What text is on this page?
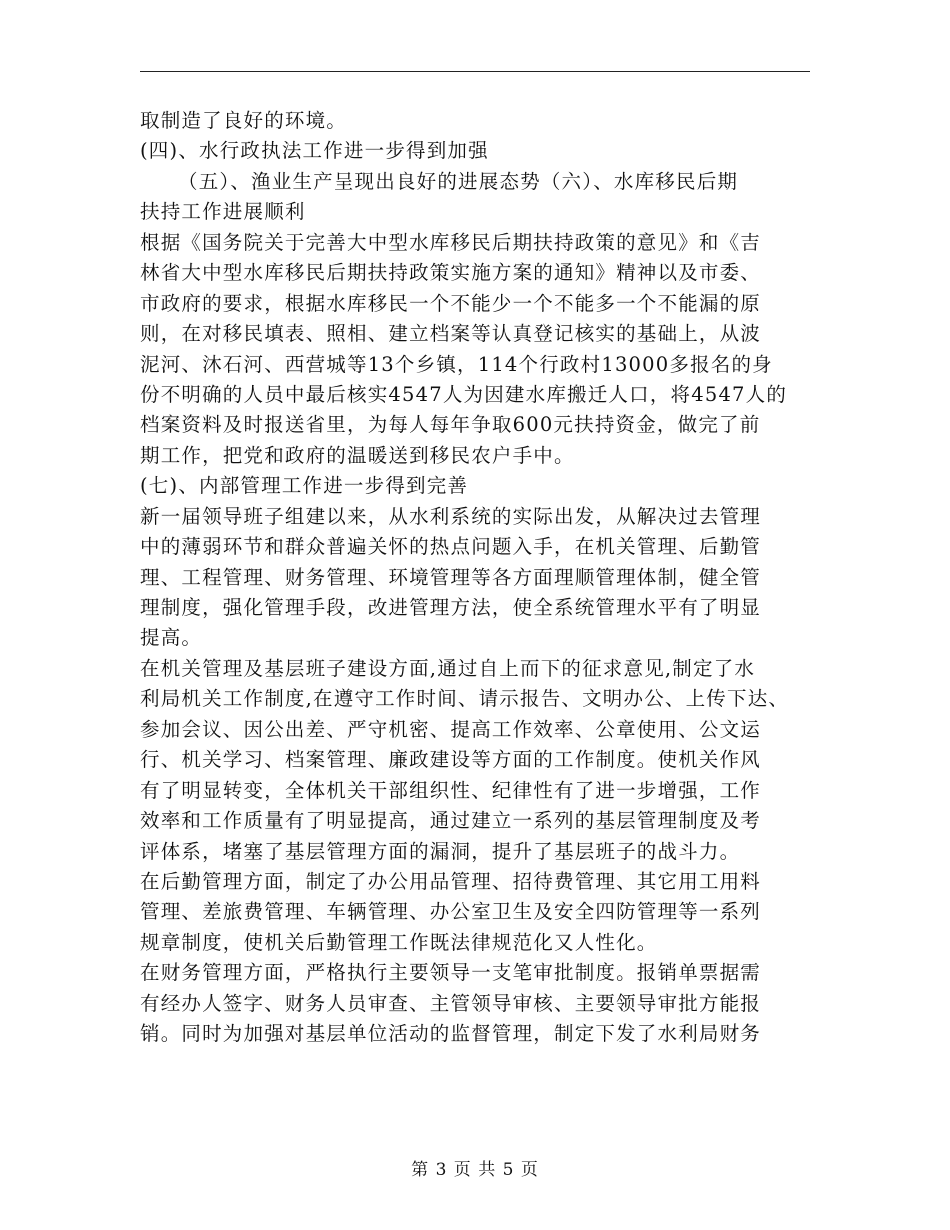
取制造了良好的环境。
(四)、水行政执法工作进一步得到加强
（五）、渔业生产呈现出良好的进展态势（六）、水库移民后期
扶持工作进展顺利
根据《国务院关于完善大中型水库移民后期扶持政策的意见》和《吉
林省大中型水库移民后期扶持政策实施方案的通知》精神以及市委、
市政府的要求，根据水库移民一个不能少一个不能多一个不能漏的原
则，在对移民填表、照相、建立档案等认真登记核实的基础上，从波
泥河、沐石河、西营城等13个乡镇，114个行政村13000多报名的身
份不明确的人员中最后核实4547人为因建水库搬迁人口，将4547人的
档案资料及时报送省里，为每人每年争取600元扶持资金，做完了前
期工作，把党和政府的温暖送到移民农户手中。
(七)、内部管理工作进一步得到完善
新一届领导班子组建以来，从水利系统的实际出发，从解决过去管理
中的薄弱环节和群众普遍关怀的热点问题入手，在机关管理、后勤管
理、工程管理、财务管理、环境管理等各方面理顺管理体制，健全管
理制度，强化管理手段，改进管理方法，使全系统管理水平有了明显
提高。
在机关管理及基层班子建设方面,通过自上而下的征求意见,制定了水
利局机关工作制度,在遵守工作时间、请示报告、文明办公、上传下达、
参加会议、因公出差、严守机密、提高工作效率、公章使用、公文运
行、机关学习、档案管理、廉政建设等方面的工作制度。使机关作风
有了明显转变，全体机关干部组织性、纪律性有了进一步增强，工作
效率和工作质量有了明显提高，通过建立一系列的基层管理制度及考
评体系，堵塞了基层管理方面的漏洞，提升了基层班子的战斗力。
在后勤管理方面，制定了办公用品管理、招待费管理、其它用工用料
管理、差旅费管理、车辆管理、办公室卫生及安全四防管理等一系列
规章制度，使机关后勤管理工作既法律规范化又人性化。
在财务管理方面，严格执行主要领导一支笔审批制度。报销单票据需
有经办人签字、财务人员审查、主管领导审核、主要领导审批方能报
销。同时为加强对基层单位活动的监督管理，制定下发了水利局财务
第 3 页 共 5 页
